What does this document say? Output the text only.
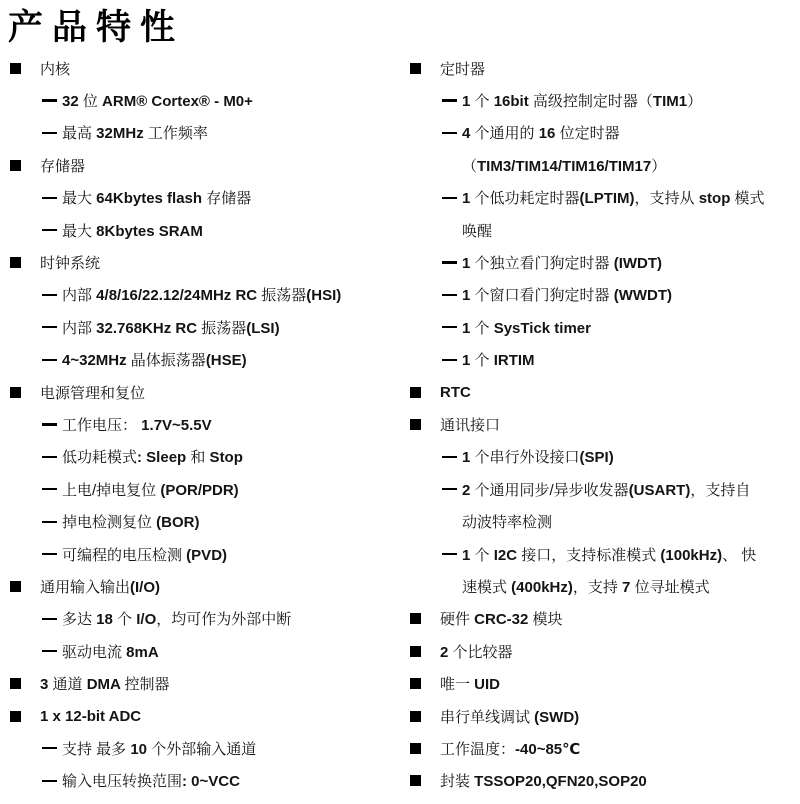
产品特性
内核
32 位 ARM® Cortex® - M0+
最高 32MHz 工作频率
存储器
最大 64Kbytes flash 存储器
最大 8Kbytes SRAM
时钟系统
内部 4/8/16/22.12/24MHz RC 振荡器(HSI)
内部 32.768KHz RC 振荡器(LSI)
4~32MHz 晶体振荡器(HSE)
电源管理和复位
工作电压： 1.7V~5.5V
低功耗模式: Sleep 和 Stop
上电/掉电复位 (POR/PDR)
掉电检测复位 (BOR)
可编程的电压检测 (PVD)
通用输入输出(I/O)
多达 18 个 I/O，均可作为外部中断
驱动电流 8mA
3 通道 DMA 控制器
1 x 12-bit ADC
支持 最多 10 个外部输入通道
输入电压转换范围: 0~VCC
定时器
1 个 16bit 高级控制定时器（TIM1）
4 个通用的 16 位定时器
（TIM3/TIM14/TIM16/TIM17）
1 个低功耗定时器(LPTIM)，支持从 stop 模式
唤醒
1 个独立看门狗定时器 (IWDT)
1 个窗口看门狗定时器 (WWDT)
1 个 SysTick timer
1 个 IRTIM
RTC
通讯接口
1 个串行外设接口(SPI)
2 个通用同步/异步收发器(USART)，支持自
动波特率检测
1 个 I2C 接口，支持标准模式 (100kHz)、 快
速模式 (400kHz)，支持 7 位寻址模式
硬件 CRC-32 模块
2 个比较器
唯一 UID
串行单线调试 (SWD)
工作温度：-40~85℃
封装 TSSOP20,QFN20,SOP20
